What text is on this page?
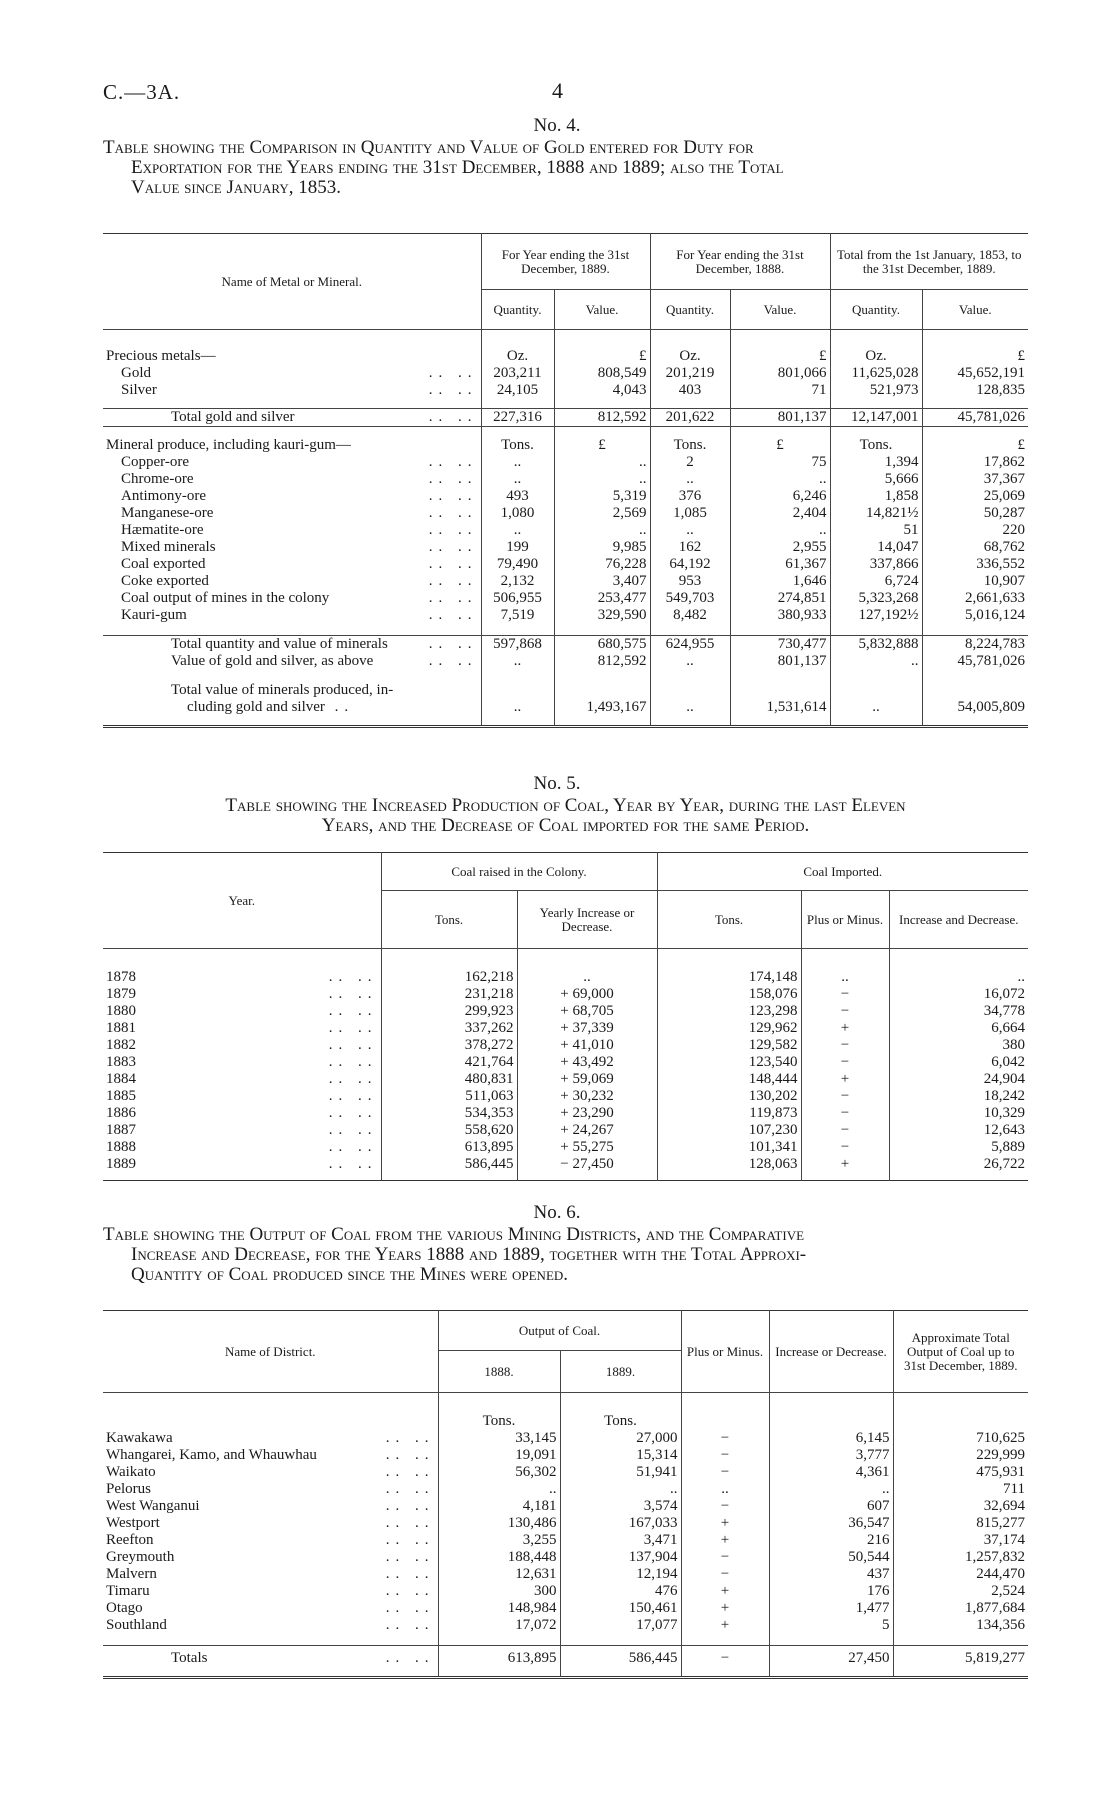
C.—3A.	4
No. 4.
Table showing the Comparison in Quantity and Value of Gold entered for Duty for

Exportation for the Years ending the 31st December, 1888 and 1889; also the Total
Value since January, 1853.
Name of Metal or Mineral.	For Year ending the 31st December, 1889.		For Year ending the 31st December, 1888.		Total from the 1st January, 1853, to the 31st December, 1889.	
	Quantity.	Value.	Quantity.	Value.	Quantity.	Value.

Precious metals—	Oz.	£	Oz.	£	Oz.	£
Gold .. ..	203,211	808,549	201,219	801,066	11,625,028	45,652,191
Silver .. ..	24,105	4,043	403	71	521,973	128,835

Total gold and silver .. ..	227,316	812,592	201,622	801,137	12,147,001	45,781,026

Mineral produce, including kauri-gum—	Tons.	£	Tons.	£	Tons.	£
Copper-ore .. ..	..	..	2	75	1,394	17,862
Chrome-ore .. ..	..	..	..	..	5,666	37,367
Antimony-ore .. ..	493	5,319	376	6,246	1,858	25,069
Manganese-ore .. ..	1,080	2,569	1,085	2,404	14,821½	50,287
Hæmatite-ore .. ..	..	..	..	..	51	220
Mixed minerals .. ..	199	9,985	162	2,955	14,047	68,762
Coal exported .. ..	79,490	76,228	64,192	61,367	337,866	336,552
Coke exported .. ..	2,132	3,407	953	1,646	6,724	10,907
Coal output of mines in the colony .. ..	506,955	253,477	549,703	274,851	5,323,268	2,661,633
Kauri-gum .. ..	7,519	329,590	8,482	380,933	127,192½	5,016,124

Total quantity and value of minerals .. ..	597,868	680,575	624,955	730,477	5,832,888	8,224,783
Value of gold and silver, as above .. ..	..	812,592	..	801,137	..	45,781,026

Total value of minerals produced, in-
cluding gold and silver ..	..	1,493,167	..	1,531,614	..	54,005,809

No. 5.
Table showing the Increased Production of Coal, Year by Year, during the last Eleven
Years, and the Decrease of Coal imported for the same Period.
Year.	Coal raised in the Colony.		Coal Imported.		
	Tons.	Yearly Increase or Decrease.	Tons.	Plus or Minus.	Increase and Decrease.

1878 .. ..	162,218	..	174,148	..	..
1879 .. ..	231,218	+ 69,000	158,076	−	16,072
1880 .. ..	299,923	+ 68,705	123,298	−	34,778
1881 .. ..	337,262	+ 37,339	129,962	+	6,664
1882 .. ..	378,272	+ 41,010	129,582	−	380
1883 .. ..	421,764	+ 43,492	123,540	−	6,042
1884 .. ..	480,831	+ 59,069	148,444	+	24,904
1885 .. ..	511,063	+ 30,232	130,202	−	18,242
1886 .. ..	534,353	+ 23,290	119,873	−	10,329
1887 .. ..	558,620	+ 24,267	107,230	−	12,643
1888 .. ..	613,895	+ 55,275	101,341	−	5,889
1889 .. ..	586,445	− 27,450	128,063	+	26,722

No. 6.
Table showing the Output of Coal from the various Mining Districts, and the Comparative

Increase and Decrease, for the Years 1888 and 1889, together with the Total Approxi-
Quantity of Coal produced since the Mines were opened.
Name of District.	Output of Coal.		Plus or Minus.	Increase or Decrease.	Approximate Total Output of Coal up to 31st December, 1889.
	1888.	1889.			

	Tons.	Tons.			
Kawakawa .. ..	33,145	27,000	−	6,145	710,625
Whangarei, Kamo, and Whauwhau .. ..	19,091	15,314	−	3,777	229,999
Waikato .. ..	56,302	51,941	−	4,361	475,931
Pelorus .. ..	..	..	..	..	711
West Wanganui .. ..	4,181	3,574	−	607	32,694
Westport .. ..	130,486	167,033	+	36,547	815,277
Reefton .. ..	3,255	3,471	+	216	37,174
Greymouth .. ..	188,448	137,904	−	50,544	1,257,832
Malvern .. ..	12,631	12,194	−	437	244,470
Timaru .. ..	300	476	+	176	2,524
Otago .. ..	148,984	150,461	+	1,477	1,877,684
Southland .. ..	17,072	17,077	+	5	134,356

Totals .. ..	613,895	586,445	−	27,450	5,819,277
